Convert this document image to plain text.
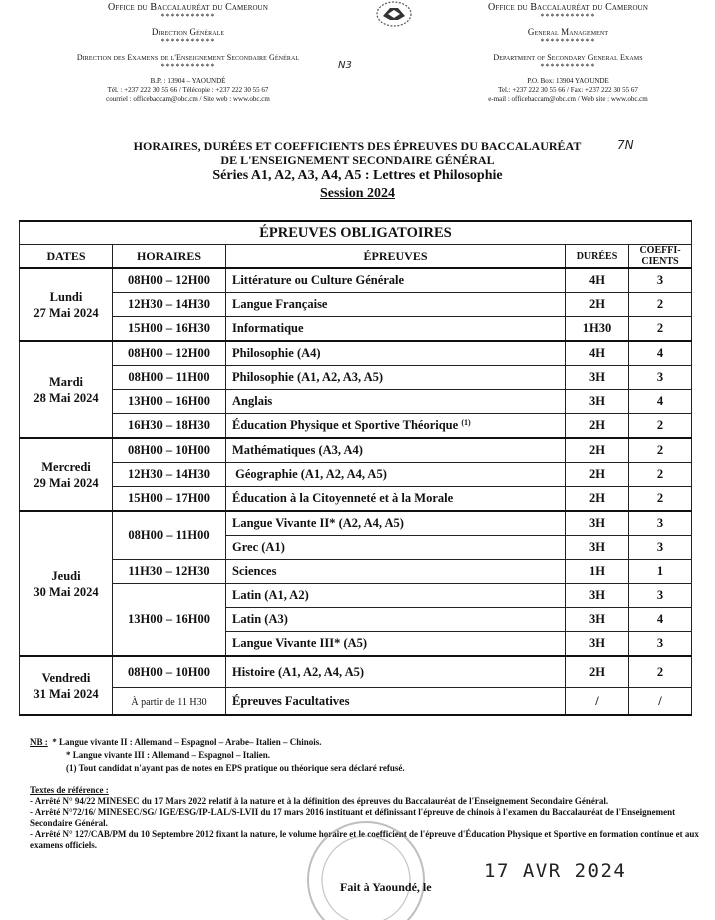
Office du Baccalauréat du Cameroun
***********
Direction Générale
***********
Direction des Examens de l'Enseignement Secondaire Général
***********
B.P. : 13904 – YAOUNDÉ
Tél. : +237 222 30 55 66 / Télécopie : +237 222 30 55 67
courriel : officebaccam@obc.cm / Site web : www.obc.cm
Office du Baccalauréat du Cameroun
***********
General Management
***********
Department of Secondary General Exams
***********
P.O. Box: 13904 YAOUNDE
Tel.: +237 222 30 55 66 / Fax: +237 222 30 55 67
e-mail : officebaccam@obc.cm / Web site : www.obc.cm
N3
7N
HORAIRES, DURÉES ET COEFFICIENTS DES ÉPREUVES DU BACCALAURÉAT
DE L'ENSEIGNEMENT SECONDAIRE GÉNÉRAL
Séries A1, A2, A3, A4, A5 : Lettres et Philosophie
Session 2024
ÉPREUVES OBLIGATOIRES				
DATES	HORAIRES	ÉPREUVES	DURÉES	COEFFI-
CIENTS

Lundi
27 Mai 2024	08H00 – 12H00	Littérature ou Culture Générale	4H	3
	12H30 – 14H30	Langue Française	2H	2
	15H00 – 16H30	Informatique	1H30	2

Mardi
28 Mai 2024	08H00 – 12H00	Philosophie (A4)	4H	4
	08H00 – 11H00	Philosophie (A1, A2, A3, A5)	3H	3
	13H00 – 16H00	Anglais	3H	4
	16H30 – 18H30	Éducation Physique et Sportive Théorique $^{(1)}$	2H	2

Mercredi
29 Mai 2024	08H00 – 10H00	Mathématiques (A3, A4)	2H	2
	12H30 – 14H30	Géographie (A1, A2, A4, A5)	2H	2
	15H00 – 17H00	Éducation à la Citoyenneté et à la Morale	2H	2

Jeudi
30 Mai 2024	08H00 – 11H00	Langue Vivante II* (A2, A4, A5)	3H	3
		Grec (A1)	3H	3
	11H30 – 12H30	Sciences	1H	1
	13H00 – 16H00	Latin (A1, A2)	3H	3
		Latin (A3)	3H	4
		Langue Vivante III* (A5)	3H	3

Vendredi
31 Mai 2024	08H00 – 10H00	Histoire (A1, A2, A4, A5)	2H	2
	À partir de 11 H30	Épreuves Facultatives	/	/
NB : * Langue vivante II : Allemand – Espagnol – Arabe– Italien – Chinois.
* Langue vivante III : Allemand – Espagnol – Italien.
(1) Tout candidat n'ayant pas de notes en EPS pratique ou théorique sera déclaré refusé.
Textes de référence :
- Arrêté N° 94/22 MINESEC du 17 Mars 2022 relatif à la nature et à la définition des épreuves du Baccalauréat de l'Enseignement Secondaire Général.
- Arrêté N°72/16/ MINESEC/SG/ IGE/ESG/IP-LAL/S-LVII du 17 mars 2016 instituant et définissant l'épreuve de chinois à l'examen du Baccalauréat de l'Enseignement Secondaire Général.
- Arrêté N° 127/CAB/PM du 10 Septembre 2012 fixant la nature, le volume horaire et le coefficient de l'épreuve d'Éducation Physique et Sportive en formation continue et aux examens officiels.
17 AVR 2024
Fait à Yaoundé, le
